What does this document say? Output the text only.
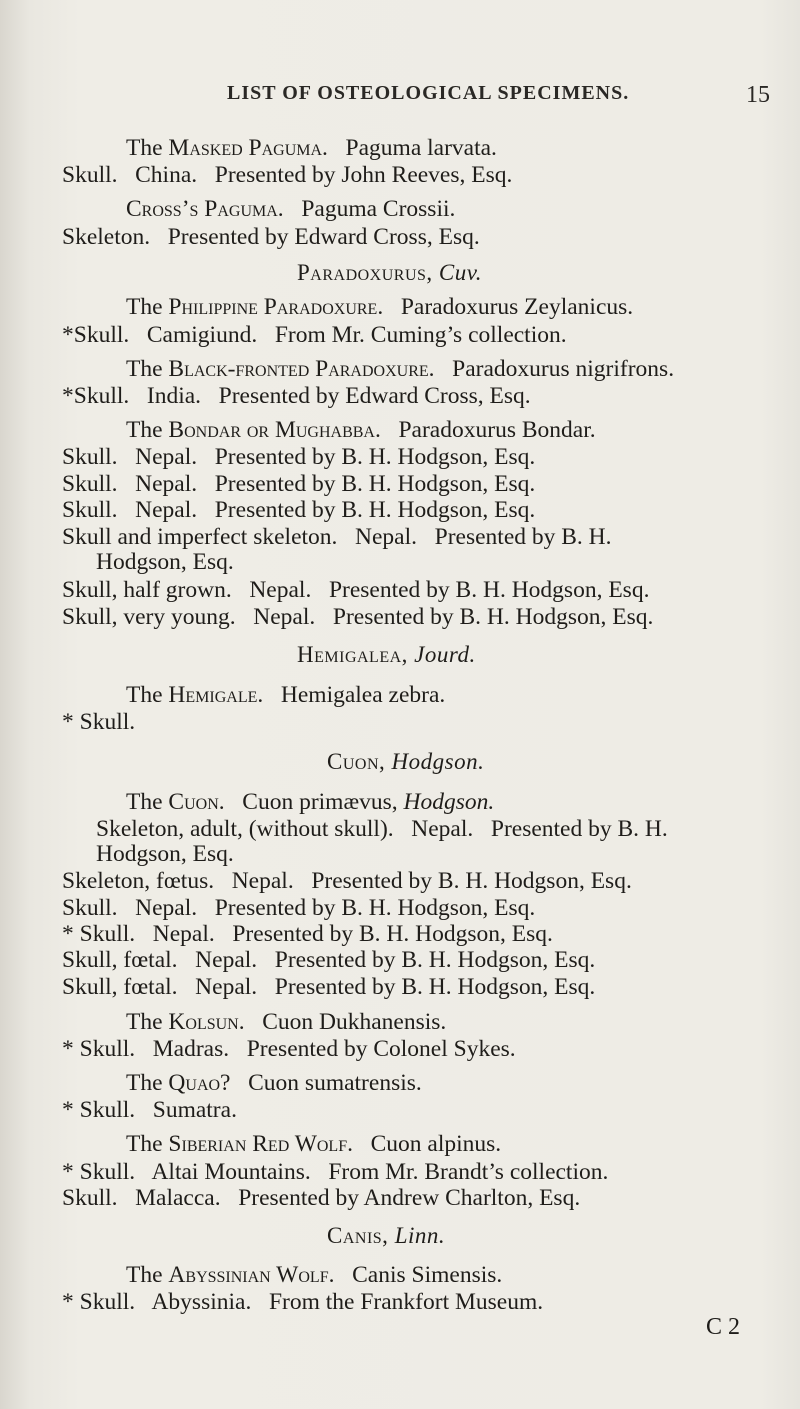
LIST OF OSTEOLOGICAL SPECIMENS.	15
The Masked Paguma.   Paguma larvata.
Skull.   China.   Presented by John Reeves, Esq.
Cross’s Paguma.   Paguma Crossii.
Skeleton.   Presented by Edward Cross, Esq.
Paradoxurus, Cuv.
The Philippine Paradoxure.   Paradoxurus Zeylanicus.
*Skull.   Camigiund.   From Mr. Cuming’s collection.
The Black-fronted Paradoxure.   Paradoxurus nigrifrons.
*Skull.   India.   Presented by Edward Cross, Esq.
The Bondar or Mughabba.   Paradoxurus Bondar.
Skull.   Nepal.   Presented by B. H. Hodgson, Esq.
Skull.   Nepal.   Presented by B. H. Hodgson, Esq.
Skull.   Nepal.   Presented by B. H. Hodgson, Esq.
Skull and imperfect skeleton.   Nepal.   Presented by B. H.
Hodgson, Esq.
Skull, half grown.   Nepal.   Presented by B. H. Hodgson, Esq.
Skull, very young.   Nepal.   Presented by B. H. Hodgson, Esq.
Hemigalea, Jourd.
The Hemigale.   Hemigalea zebra.
* Skull.
Cuon, Hodgson.
The Cuon.   Cuon primævus, Hodgson.
Skeleton, adult, (without skull).   Nepal.   Presented by B. H.
Hodgson, Esq.
Skeleton, fœtus.   Nepal.   Presented by B. H. Hodgson, Esq.
Skull.   Nepal.   Presented by B. H. Hodgson, Esq.
* Skull.   Nepal.   Presented by B. H. Hodgson, Esq.
Skull, fœtal.   Nepal.   Presented by B. H. Hodgson, Esq.
Skull, fœtal.   Nepal.   Presented by B. H. Hodgson, Esq.
The Kolsun.   Cuon Dukhanensis.
* Skull.   Madras.   Presented by Colonel Sykes.
The Quao?   Cuon sumatrensis.
* Skull.   Sumatra.
The Siberian Red Wolf.   Cuon alpinus.
* Skull.   Altai Mountains.   From Mr. Brandt’s collection.
Skull.   Malacca.   Presented by Andrew Charlton, Esq.
Canis, Linn.
The Abyssinian Wolf.   Canis Simensis.
* Skull.   Abyssinia.   From the Frankfort Museum.
C 2
